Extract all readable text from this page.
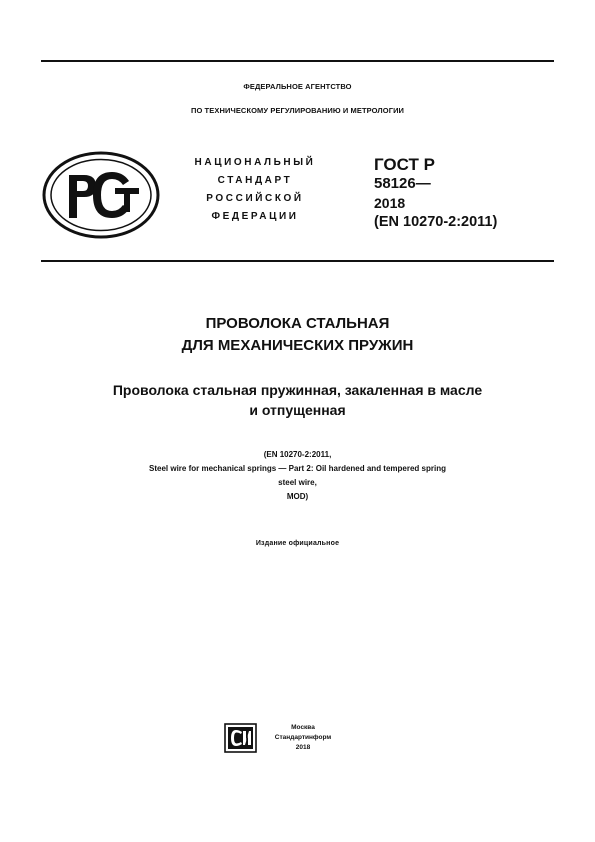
ФЕДЕРАЛЬНОЕ АГЕНТСТВО
ПО ТЕХНИЧЕСКОМУ РЕГУЛИРОВАНИЮ И МЕТРОЛОГИИ
НАЦИОНАЛЬНЫЙ
СТАНДАРТ
РОССИЙСКОЙ
ФЕДЕРАЦИИ
ГОСТ Р
58126—
2018
(EN 10270-2:2011)
ПРОВОЛОКА СТАЛЬНАЯ
ДЛЯ МЕХАНИЧЕСКИХ ПРУЖИН
Проволока стальная пружинная, закаленная в масле
и отпущенная
(EN 10270-2:2011,
Steel wire for mechanical springs — Part 2: Oil hardened and tempered spring
steel wire,
MOD)
Издание официальное
Москва
Стандартинформ
2018
